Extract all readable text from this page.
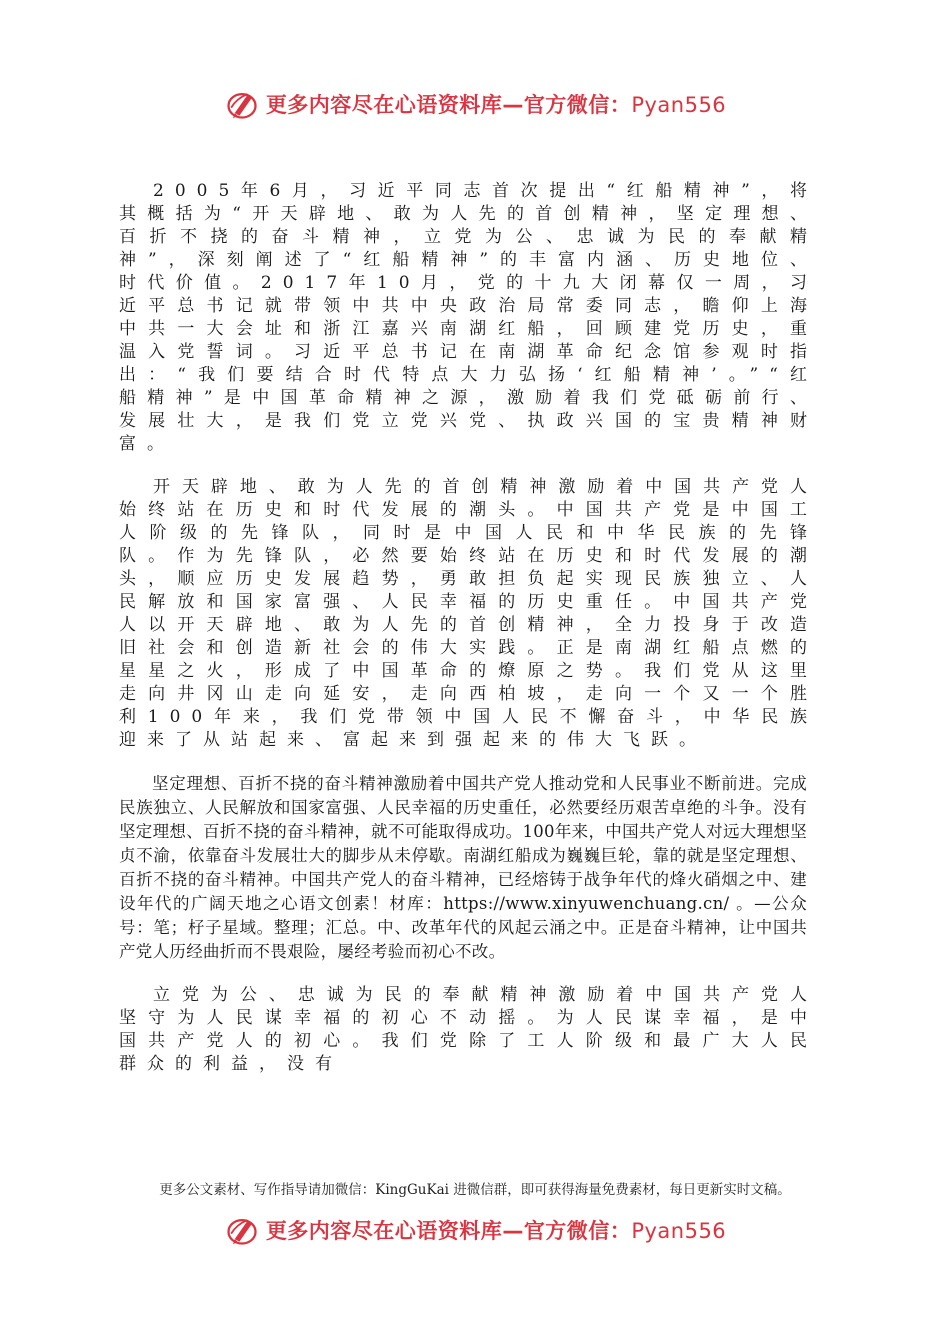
更多内容尽在心语资料库—官方微信：Pyan556

2005年6月，习近平同志首次提出“红船精神”，将其概括为“开天辟地、敢为人先的首创精神，坚定理想、百折不挠的奋斗精神，立党为公、忠诚为民的奉献精神”，深刻阐述了“红船精神”的丰富内涵、历史地位、时代价值。2017年10月，党的十九大闭幕仅一周，习近平总书记就带领中共中央政治局常委同志，瞻仰上海中共一大会址和浙江嘉兴南湖红船，回顾建党历史，重温入党誓词。习近平总书记在南湖革命纪念馆参观时指出：“我们要结合时代特点大力弘扬‘红船精神’。”“红船精神”是中国革命精神之源，激励着我们党砥砺前行、发展壮大，是我们党立党兴党、执政兴国的宝贵精神财富。

开天辟地、敢为人先的首创精神激励着中国共产党人始终站在历史和时代发展的潮头。中国共产党是中国工人阶级的先锋队，同时是中国人民和中华民族的先锋队。作为先锋队，必然要始终站在历史和时代发展的潮头，顺应历史发展趋势，勇敢担负起实现民族独立、人民解放和国家富强、人民幸福的历史重任。中国共产党人以开天辟地、敢为人先的首创精神，全力投身于改造旧社会和创造新社会的伟大实践。正是南湖红船点燃的星星之火，形成了中国革命的燎原之势。我们党从这里走向井冈山走向延安，走向西柏坡，走向一个又一个胜利100年来，我们党带领中国人民不懈奋斗，中华民族迎来了从站起来、富起来到强起来的伟大飞跃。

坚定理想、百折不挠的奋斗精神激励着中国共产党人推动党和人民事业不断前进。完成民族独立、人民解放和国家富强、人民幸福的历史重任，必然要经历艰苦卓绝的斗争。没有坚定理想、百折不挠的奋斗精神，就不可能取得成功。100年来，中国共产党人对远大理想坚贞不渝，依靠奋斗发展壮大的脚步从未停歇。南湖红船成为巍巍巨轮，靠的就是坚定理想、百折不挠的奋斗精神。中国共产党人的奋斗精神，已经熔铸于战争年代的烽火硝烟之中、建设年代的广阔天地之心语文创素！材库：https://www.xinyuwenchuang.cn/ 。—公众号：笔；杍子星域。整理；汇总。中、改革年代的风起云涌之中。正是奋斗精神，让中国共产党人历经曲折而不畏艰险，屡经考验而初心不改。

立党为公、忠诚为民的奉献精神激励着中国共产党人坚守为人民谋幸福的初心不动摇。为人民谋幸福，是中国共产党人的初心。我们党除了工人阶级和最广大人民群众的利益，没有

更多公文素材、写作指导请加微信：KingGuKai 进微信群，即可获得海量免费素材，每日更新实时文稿。
更多内容尽在心语资料库—官方微信：Pyan556
